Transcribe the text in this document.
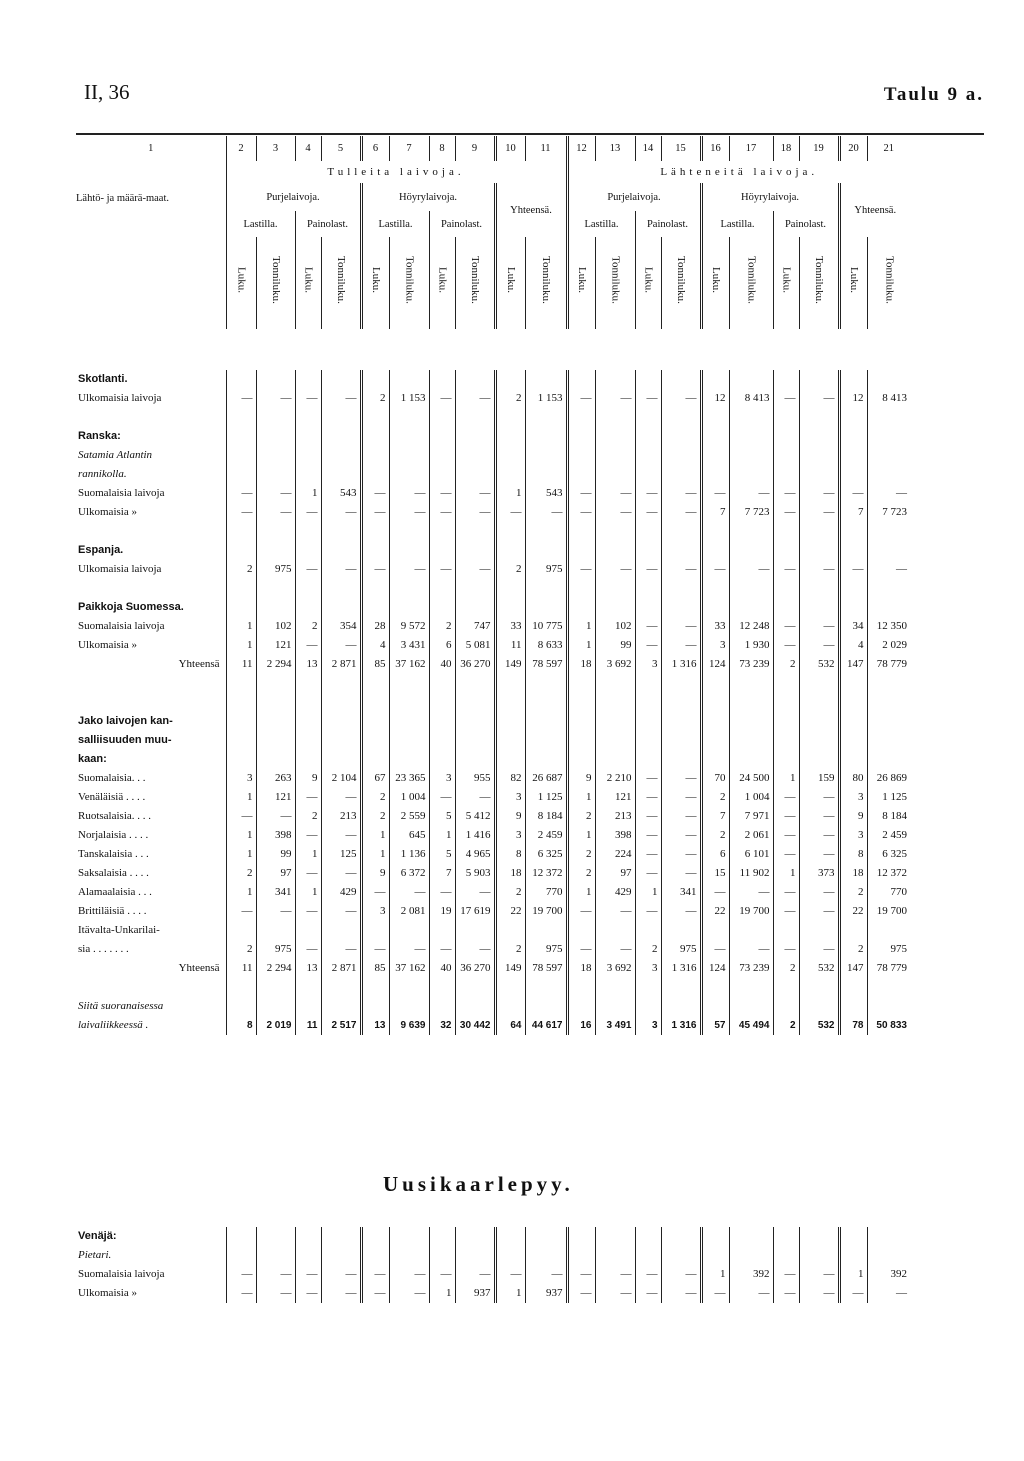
II, 36	Taulu 9 a.
1	2	3	4	5	6	7	8	9	10	11	12	13	14	15	16	17	18	19	20	21
Lähtö- ja määrä-maat.	Tulleita laivoja.										Lähteneitä laivoja.									
	Purjelaivoja.				Höyrylaivoja.				Yhteensä.		Purjelaivoja.				Höyrylaivoja.				Yhteensä.	
	Lastilla.		Painolast.		Lastilla.		Painolast.				Lastilla.		Painolast.		Lastilla.		Painolast.			
	Luku.	Tonniluku.	Luku.	Tonniluku.	Luku.	Tonniluku.	Luku.	Tonniluku.	Luku.	Tonniluku.	Luku.	Tonniluku.	Luku.	Tonniluku.	Luku.	Tonniluku.	Luku.	Tonniluku.	Luku.	Tonniluku.
Skotlanti.																				
Ulkomaisia laivoja	—	—	—	—	2	1 153	—	—	2	1 153	—	—	—	—	12	8 413	—	—	12	8 413

Ranska:																				
Satamia Atlantin																				
rannikolla.																				
Suomalaisia laivoja	—	—	1	543	—	—	—	—	1	543	—	—	—	—	—	—	—	—	—	—
Ulkomaisia »	—	—	—	—	—	—	—	—	—	—	—	—	—	—	7	7 723	—	—	7	7 723

Espanja.																				
Ulkomaisia laivoja	2	975	—	—	—	—	—	—	2	975	—	—	—	—	—	—	—	—	—	—

Paikkoja Suomessa.																				
Suomalaisia laivoja	1	102	2	354	28	9 572	2	747	33	10 775	1	102	—	—	33	12 248	—	—	34	12 350
Ulkomaisia »	1	121	—	—	4	3 431	6	5 081	11	8 633	1	99	—	—	3	1 930	—	—	4	2 029
Yhteensä	11	2 294	13	2 871	85	37 162	40	36 270	149	78 597	18	3 692	3	1 316	124	73 239	2	532	147	78 779

Jako laivojen kan-																				
salliisuuden muu-																				
kaan:																				
Suomalaisia. . .	3	263	9	2 104	67	23 365	3	955	82	26 687	9	2 210	—	—	70	24 500	1	159	80	26 869
Venäläisiä . . . .	1	121	—	—	2	1 004	—	—	3	1 125	1	121	—	—	2	1 004	—	—	3	1 125
Ruotsalaisia. . . .	—	—	2	213	2	2 559	5	5 412	9	8 184	2	213	—	—	7	7 971	—	—	9	8 184
Norjalaisia . . . .	1	398	—	—	1	645	1	1 416	3	2 459	1	398	—	—	2	2 061	—	—	3	2 459
Tanskalaisia . . .	1	99	1	125	1	1 136	5	4 965	8	6 325	2	224	—	—	6	6 101	—	—	8	6 325
Saksalaisia . . . .	2	97	—	—	9	6 372	7	5 903	18	12 372	2	97	—	—	15	11 902	1	373	18	12 372
Alamaalaisia . . .	1	341	1	429	—	—	—	—	2	770	1	429	1	341	—	—	—	—	2	770
Brittiläisiä . . . .	—	—	—	—	3	2 081	19	17 619	22	19 700	—	—	—	—	22	19 700	—	—	22	19 700
Itävalta-Unkarilai-																				
sia . . . . . . .	2	975	—	—	—	—	—	—	2	975	—	—	2	975	—	—	—	—	2	975
Yhteensä	11	2 294	13	2 871	85	37 162	40	36 270	149	78 597	18	3 692	3	1 316	124	73 239	2	532	147	78 779

Siitä suoranaisessa																				
laivaliikkeessä .	8	2 019	11	2 517	13	9 639	32	30 442	64	44 617	16	3 491	3	1 316	57	45 494	2	532	78	50 833
Uusikaarlepyy.
Venäjä:																				
Pietari.																				
Suomalaisia laivoja	—	—	—	—	—	—	—	—	—	—	—	—	—	—	1	392	—	—	1	392
Ulkomaisia »	—	—	—	—	—	—	1	937	1	937	—	—	—	—	—	—	—	—	—	—
